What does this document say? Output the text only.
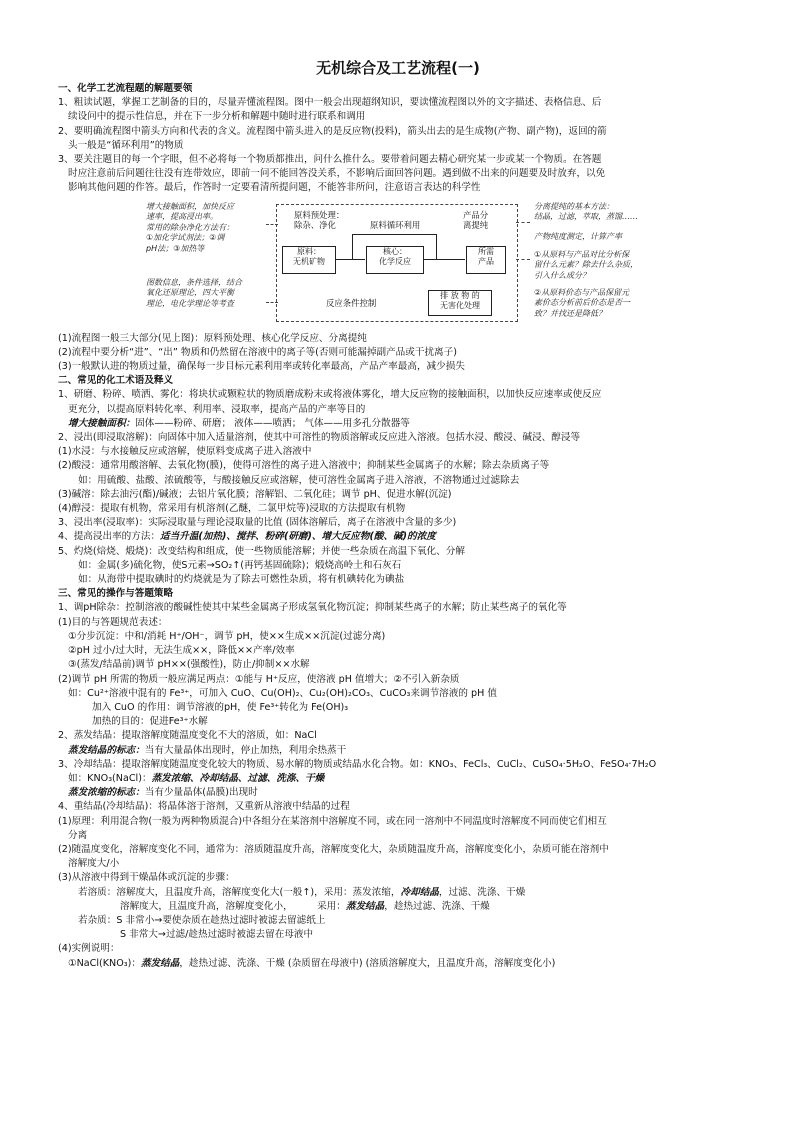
无机综合及工艺流程(一)
一、化学工艺流程题的解题要领
1、粗读试题，掌握工艺制备的目的，尽量弄懂流程图。图中一般会出现超纲知识，要读懂流程图以外的文字描述、表格信息、后
续设问中的提示性信息，并在下一步分析和解题中随时进行联系和调用
2、要明确流程图中箭头方向和代表的含义。流程图中箭头进入的是反应物(投料)，箭头出去的是生成物(产物、副产物)，返回的箭
头一般是“循环利用”的物质
3、要关注题目的每一个字眼，但不必将每一个物质都推出，问什么推什么。要带着问题去精心研究某一步或某一个物质。在答题
时应注意前后问题往往没有连带效应，即前一问不能回答没关系，不影响后面回答问题。遇到做不出来的问题要及时放弃，以免
影响其他问题的作答。最后，作答时一定要看清所提问题，不能答非所问，注意语言表达的科学性
增大接触面积，加快反应
速率，提高浸出率。
常用的除杂净化方法有：
①加化学试剂法；②调
pH法；③加热等
图数信息，条件选择，结合
氧化还原理论，四大平衡
理论，电化学理论等考查
原料预处理：
除杂、净化	原料循环利用
产品分
离提纯
原料：
无机矿物
核心：
化学反应
所需
产品
反应条件控制
排 放 物 的
无害化处理
分离提纯的基本方法：
结晶，过滤，萃取，蒸馏……
产物纯度测定，计算产率
①从原料与产品对比分析保
留什么元素？除去什么杂质，
引入什么成分？
②从原料价态与产品保留元
素价态分析前后价态是否一
致？并找还是降低？
(1)流程图一般三大部分(见上图)：原料预处理、核心化学反应、分离提纯
(2)流程中要分析“进”、“出” 物质和仍然留在溶液中的离子等(否则可能漏掉副产品或干扰离子)
(3)一般默认进的物质过量，确保每一步目标元素利用率或转化率最高，产品产率最高，减少损失
二、常见的化工术语及释义
1、研磨、粉碎、喷洒、雾化：将块状或颗粒状的物质磨成粉末或将液体雾化，增大反应物的接触面积，以加快反应速率或使反应
更充分，以提高原料转化率、利用率、浸取率，提高产品的产率等目的
增大接触面积：固体——粉碎、研磨； 液体——喷洒； 气体——用多孔分散器等
2、浸出(即浸取溶解)：向固体中加入适量溶剂，使其中可溶性的物质溶解或反应进入溶液。包括水浸、酸浸、碱浸、醇浸等
(1)水浸：与水接触反应或溶解，使原料变成离子进入溶液中
(2)酸浸：通常用酸溶解、去氧化物(膜)，使得可溶性的离子进入溶液中；抑制某些金属离子的水解；除去杂质离子等
如：用硫酸、盐酸、浓硫酸等，与酸接触反应或溶解，使可溶性金属离子进入溶液，不溶物通过过滤除去
(3)碱溶：除去油污(酯)/碱液；去铝片氧化膜；溶解铝、二氧化硅；调节 pH、促进水解(沉淀)
(4)醇浸：提取有机物，常采用有机溶剂(乙醚，二氯甲烷等)浸取的方法提取有机物
3、浸出率(浸取率)：实际浸取量与理论浸取量的比值 (固体溶解后，离子在溶液中含量的多少)
4、提高浸出率的方法：适当升温(加热)、搅拌、粉碎(研磨)、增大反应物(酸、碱)的浓度
5、灼烧(焙烧、煅烧)：改变结构和组成，使一些物质能溶解；并使一些杂质在高温下氧化、分解
如：金属(多)硫化物，使S元素→SO₂↑(再钙基固硫除)；煅烧高岭土和石灰石
如：从海带中提取碘时的灼烧就是为了除去可燃性杂质，将有机碘转化为碘盐
三、常见的操作与答题策略
1、调pH除杂：控制溶液的酸碱性使其中某些金属离子形成氢氧化物沉淀；抑制某些离子的水解；防止某些离子的氧化等
(1)目的与答题规范表述：
①分步沉淀：中和/消耗 H⁺/OH⁻，调节 pH，使××生成××沉淀(过滤分离)
②pH 过小/过大时，无法生成××，降低××产率/效率
③(蒸发/结晶前)调节 pH××(强酸性)，防止/抑制××水解
(2)调节 pH 所需的物质一般应满足两点：①能与 H⁺反应，使溶液 pH 值增大；②不引入新杂质
如：Cu²⁺溶液中混有的 Fe³⁺，可加入 CuO、Cu(OH)₂、Cu₂(OH)₂CO₃、CuCO₃来调节溶液的 pH 值
加入 CuO 的作用：调节溶液的pH，使 Fe³⁺转化为 Fe(OH)₃
加热的目的：促进Fe³⁺水解
2、蒸发结晶：提取溶解度随温度变化不大的溶质，如：NaCl
蒸发结晶的标志：当有大量晶体出现时，停止加热，利用余热蒸干
3、冷却结晶：提取溶解度随温度变化较大的物质、易水解的物质或结晶水化合物。如：KNO₃、FeCl₃、CuCl₂、CuSO₄·5H₂O、FeSO₄·7H₂O
如：KNO₃(NaCl)：蒸发浓缩、冷却结晶、过滤、洗涤、干燥
蒸发浓缩的标志：当有少量晶体(晶膜)出现时
4、重结晶(冷却结晶)：将晶体溶于溶剂，又重新从溶液中结晶的过程
(1)原理：利用混合物(一般为两种物质混合)中各组分在某溶剂中溶解度不同，或在同一溶剂中不同温度时溶解度不同而使它们相互
分离
(2)随温度变化，溶解度变化不同，通常为：溶质随温度升高，溶解度变化大，杂质随温度升高，溶解度变化小，杂质可能在溶剂中
溶解度大/小
(3)从溶液中得到干燥晶体或沉淀的步骤：
若溶质：溶解度大，且温度升高，溶解度变化大(一般↑)，采用：蒸发浓缩，冷却结晶，过滤、洗涤、干燥
溶解度大，且温度升高，溶解度变化小，        采用：蒸发结晶，趁热过滤、洗涤、干燥
若杂质：S 非常小→要使杂质在趁热过滤时被滤去留滤纸上
S 非常大→过滤/趁热过滤时被滤去留在母液中
(4)实例说明：
①NaCl(KNO₃)：蒸发结晶，趁热过滤、洗涤、干燥 (杂质留在母液中) (溶质溶解度大，且温度升高，溶解度变化小)
